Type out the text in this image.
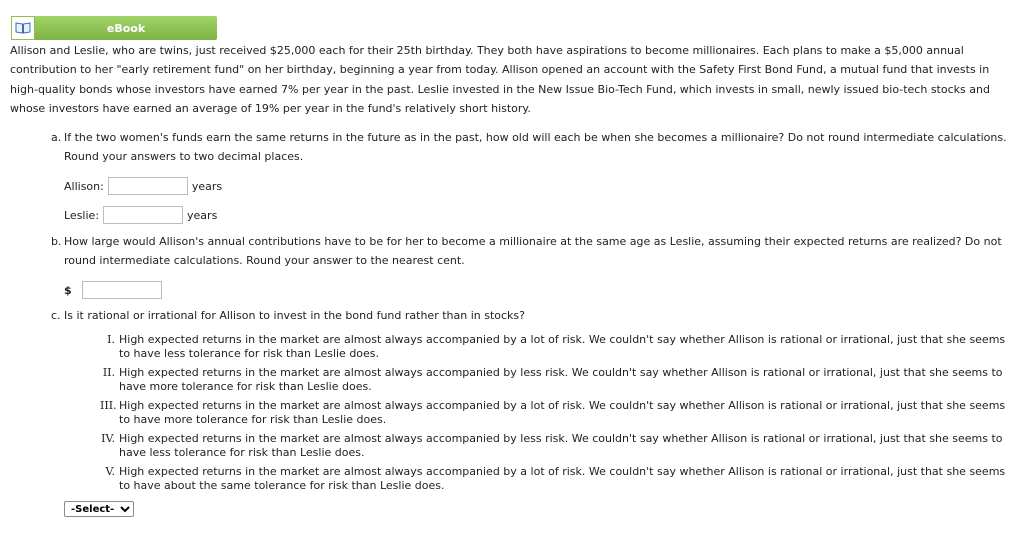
eBook
Allison and Leslie, who are twins, just received $25,000 each for their 25th birthday. They both have aspirations to become millionaires. Each plans to make a $5,000 annual contribution to her "early retirement fund" on her birthday, beginning a year from today. Allison opened an account with the Safety First Bond Fund, a mutual fund that invests in high-quality bonds whose investors have earned 7% per year in the past. Leslie invested in the New Issue Bio-Tech Fund, which invests in small, newly issued bio-tech stocks and whose investors have earned an average of 19% per year in the fund's relatively short history.
a. If the two women's funds earn the same returns in the future as in the past, how old will each be when she becomes a millionaire? Do not round intermediate calculations.
Round your answers to two decimal places.
Allison:	years
Leslie:	years
b. How large would Allison's annual contributions have to be for her to become a millionaire at the same age as Leslie, assuming their expected returns are realized? Do not
round intermediate calculations. Round your answer to the nearest cent.
$
c. Is it rational or irrational for Allison to invest in the bond fund rather than in stocks?
I. High expected returns in the market are almost always accompanied by a lot of risk. We couldn't say whether Allison is rational or irrational, just that she seems to have less tolerance for risk than Leslie does.
II. High expected returns in the market are almost always accompanied by less risk. We couldn't say whether Allison is rational or irrational, just that she seems to have more tolerance for risk than Leslie does.
III. High expected returns in the market are almost always accompanied by a lot of risk. We couldn't say whether Allison is rational or irrational, just that she seems to have more tolerance for risk than Leslie does.
IV. High expected returns in the market are almost always accompanied by less risk. We couldn't say whether Allison is rational or irrational, just that she seems to have less tolerance for risk than Leslie does.
V. High expected returns in the market are almost always accompanied by a lot of risk. We couldn't say whether Allison is rational or irrational, just that she seems to have about the same tolerance for risk than Leslie does.
-Select-
